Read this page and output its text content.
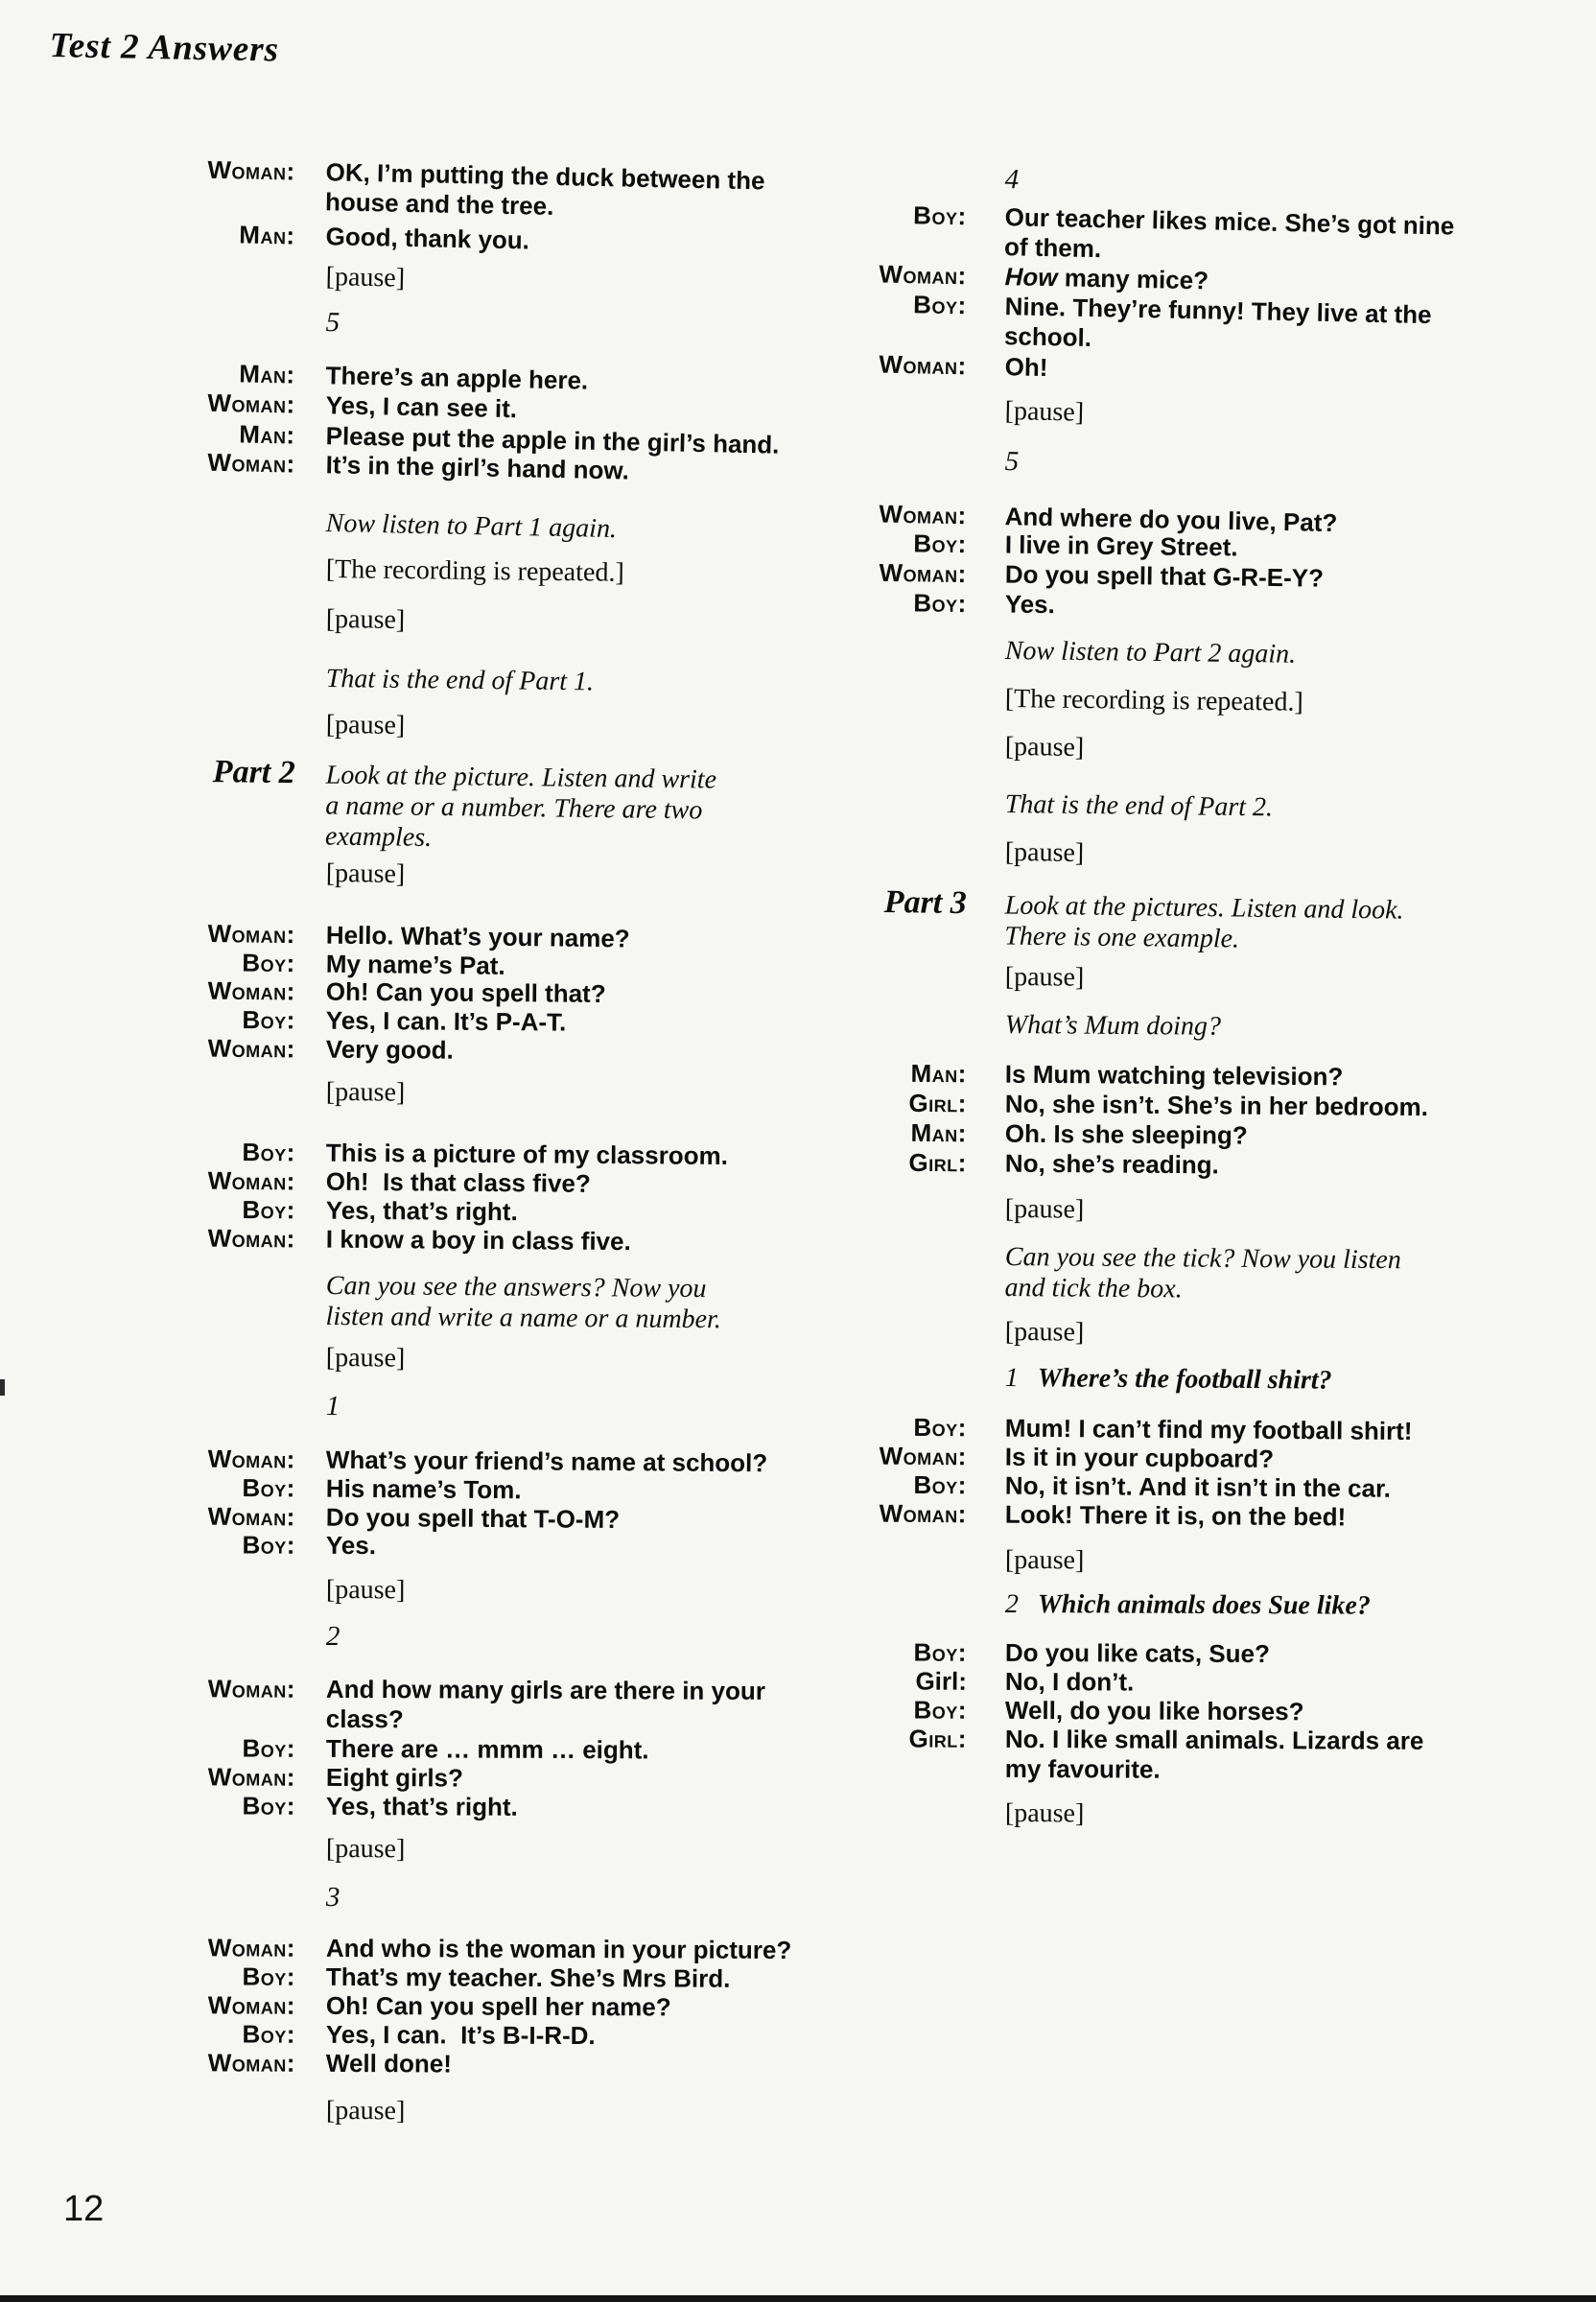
Test 2 Answers
Woman: OK, I’m putting the duck between the
house and the tree.
Man: Good, thank you.
[pause]
5
Man: There’s an apple here.
Woman: Yes, I can see it.
Man: Please put the apple in the girl’s hand.
Woman: It’s in the girl’s hand now.
Now listen to Part 1 again.
[The recording is repeated.]
[pause]
That is the end of Part 1.
[pause]
Part 2 Look at the picture. Listen and write
a name or a number. There are two
examples.
[pause]
Woman: Hello. What’s your name?
Boy: My name’s Pat.
Woman: Oh! Can you spell that?
Boy: Yes, I can. It’s P-A-T.
Woman: Very good.
[pause]
Boy: This is a picture of my classroom.
Woman: Oh!  Is that class five?
Boy: Yes, that’s right.
Woman: I know a boy in class five.
Can you see the answers? Now you
listen and write a name or a number.
[pause]
1
Woman: What’s your friend’s name at school?
Boy: His name’s Tom.
Woman: Do you spell that T-O-M?
Boy: Yes.
[pause]
2
Woman: And how many girls are there in your
class?
Boy: There are … mmm … eight.
Woman: Eight girls?
Boy: Yes, that’s right.
[pause]
3
Woman: And who is the woman in your picture?
Boy: That’s my teacher. She’s Mrs Bird.
Woman: Oh! Can you spell her name?
Boy: Yes, I can.  It’s B-I-R-D.
Woman: Well done!
[pause]
4
Boy: Our teacher likes mice. She’s got nine
of them.
Woman: How many mice?
Boy: Nine. They’re funny! They live at the
school.
Woman: Oh!
[pause]
5
Woman: And where do you live, Pat?
Boy: I live in Grey Street.
Woman: Do you spell that G-R-E-Y?
Boy: Yes.
Now listen to Part 2 again.
[The recording is repeated.]
[pause]
That is the end of Part 2.
[pause]
Part 3 Look at the pictures. Listen and look.
There is one example.
[pause]
What’s Mum doing?
Man: Is Mum watching television?
Girl: No, she isn’t. She’s in her bedroom.
Man: Oh. Is she sleeping?
Girl: No, she’s reading.
[pause]
Can you see the tick? Now you listen
and tick the box.
[pause]
1 Where’s the football shirt?
Boy: Mum! I can’t find my football shirt!
Woman: Is it in your cupboard?
Boy: No, it isn’t. And it isn’t in the car.
Woman: Look! There it is, on the bed!
[pause]
2 Which animals does Sue like?
Boy: Do you like cats, Sue?
Girl: No, I don’t.
Boy: Well, do you like horses?
Girl: No. I like small animals. Lizards are
my favourite.
[pause]
12
